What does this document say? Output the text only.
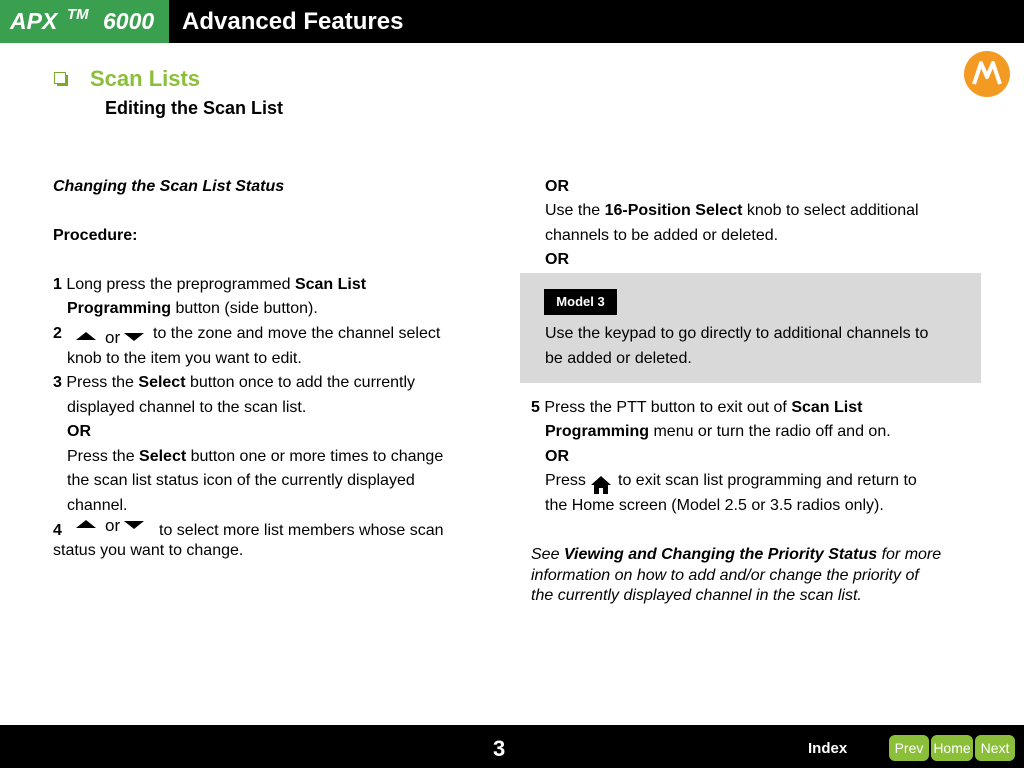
APX TM 6000 Advanced Features
Scan Lists
Editing the Scan List
Changing the Scan List Status
Procedure:
1 Long press the preprogrammed Scan List
Programming button (side button).
2	or to the zone and move the channel select
knob to the item you want to edit.
3 Press the Select button once to add the currently
displayed channel to the scan list.
OR
Press the Select button one or more times to change
the scan list status icon of the currently displayed
channel.
4	or to select more list members whose scan
status you want to change.
OR
Use the 16-Position Select knob to select additional
channels to be added or deleted.
OR
Model 3
Use the keypad to go directly to additional channels to
be added or deleted.
5 Press the PTT button to exit out of Scan List
Programming menu or turn the radio off and on.
OR
Press to exit scan list programming and return to
the Home screen (Model 2.5 or 3.5 radios only).
See Viewing and Changing the Priority Status for more
information on how to add and/or change the priority of
the currently displayed channel in the scan list.
3	Index	Prev Home Next
